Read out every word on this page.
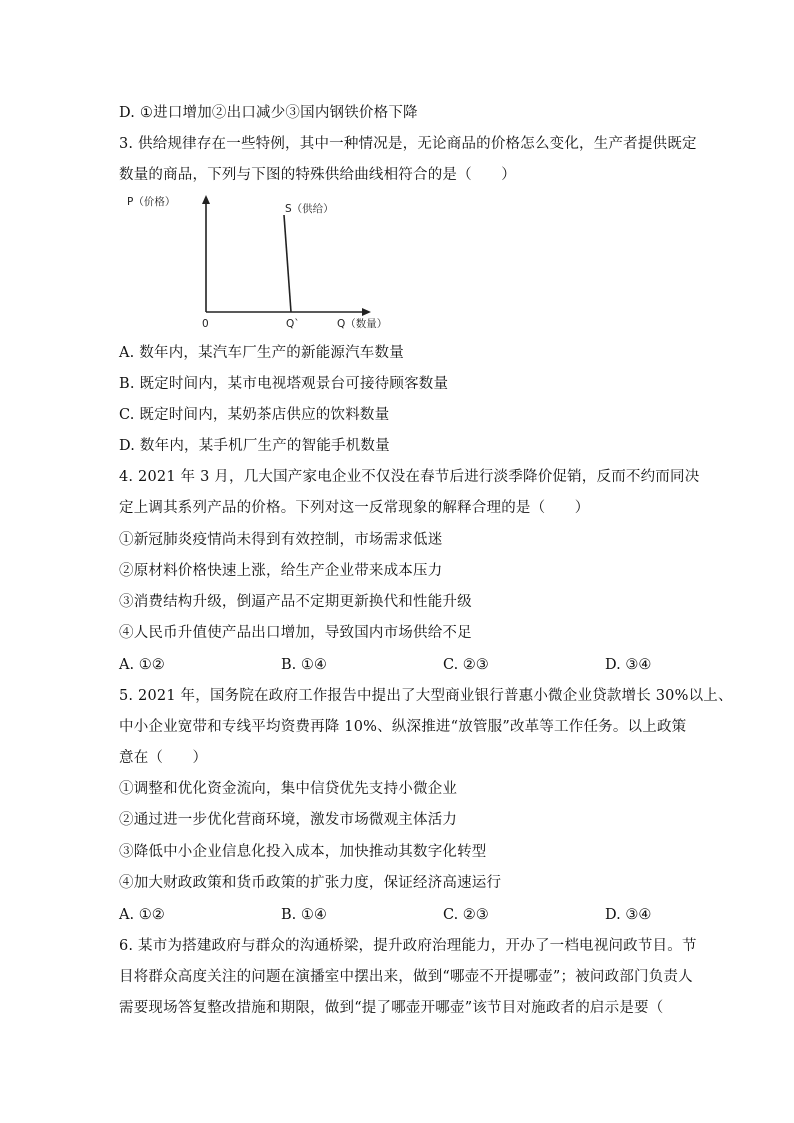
D. ①进口增加②出口减少③国内钢铁价格下降
3. 供给规律存在一些特例，其中一种情况是，无论商品的价格怎么变化，生产者提供既定
数量的商品，下列与下图的特殊供给曲线相符合的是（　　）
P（价格）
S（供给）
0	Q`	Q（数量）
A. 数年内，某汽车厂生产的新能源汽车数量
B. 既定时间内，某市电视塔观景台可接待顾客数量
C. 既定时间内，某奶茶店供应的饮料数量
D. 数年内，某手机厂生产的智能手机数量
4. 2021 年 3 月，几大国产家电企业不仅没在春节后进行淡季降价促销，反而不约而同决
定上调其系列产品的价格。下列对这一反常现象的解释合理的是（　　）
①新冠肺炎疫情尚未得到有效控制，市场需求低迷
②原材料价格快速上涨，给生产企业带来成本压力
③消费结构升级，倒逼产品不定期更新换代和性能升级
④人民币升值使产品出口增加，导致国内市场供给不足
A. ①②	B. ①④	C. ②③	D. ③④
5. 2021 年，国务院在政府工作报告中提出了大型商业银行普惠小微企业贷款增长 30%以上、
中小企业宽带和专线平均资费再降 10%、纵深推进“放管服”改革等工作任务。以上政策
意在（　　）
①调整和优化资金流向，集中信贷优先支持小微企业
②通过进一步优化营商环境，激发市场微观主体活力
③降低中小企业信息化投入成本，加快推动其数字化转型
④加大财政政策和货币政策的扩张力度，保证经济高速运行
A. ①②	B. ①④	C. ②③	D. ③④
6. 某市为搭建政府与群众的沟通桥梁，提升政府治理能力，开办了一档电视问政节目。节
目将群众高度关注的问题在演播室中摆出来，做到“哪壶不开提哪壶”；被问政部门负责人
需要现场答复整改措施和期限，做到“提了哪壶开哪壶”该节目对施政者的启示是要（
